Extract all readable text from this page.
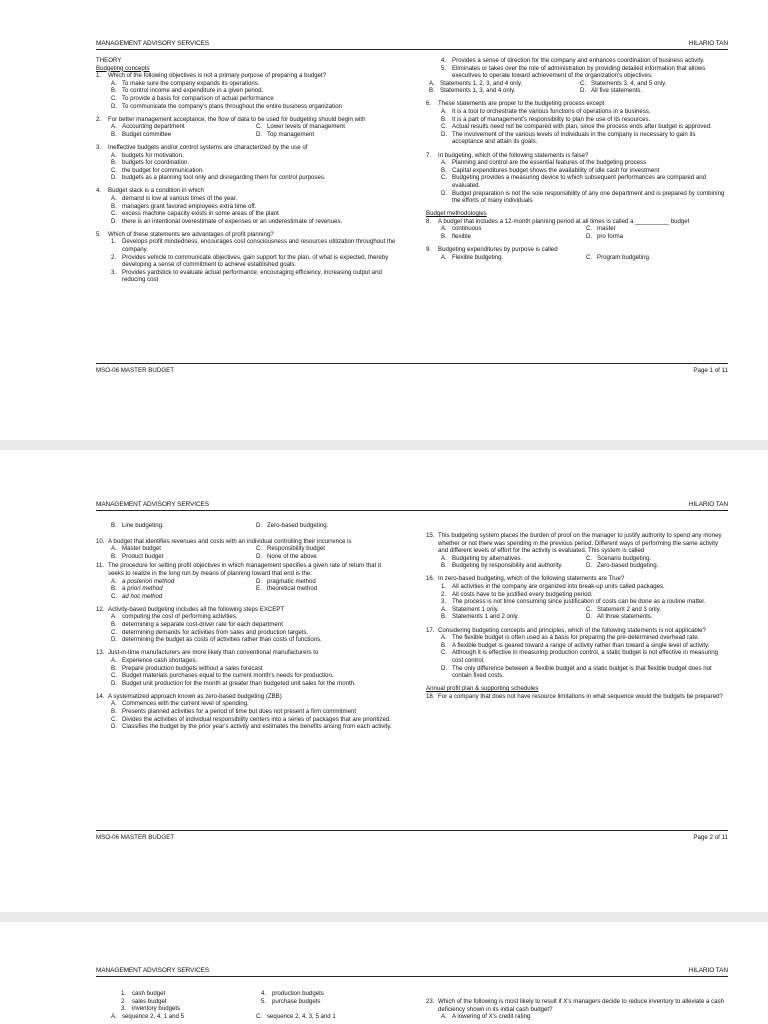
MANAGEMENT ADVISORY SERVICES	HILARIO TAN
THEORY
Budgeting concepts
1. Which of the following objectives is not a primary purpose of preparing a budget?
A. To make sure the company expands its operations.
B. To control income and expenditure in a given period.
C. To provide a basis for comparison of actual performance
D. To communicate the company's plans throughout the entire business organization
2. For better management acceptance, the flow of data to be used for budgeting should begin with
A. Accounting department	C. Lower levels of management
B. Budget committee	D. Top management
3. Ineffective budgets and/or control systems are characterized by the use of
A. budgets for motivation.
B. budgets for coordination.
C. the budget for communication.
D. budgets as a planning tool only and disregarding them for control purposes.
4. Budget slack is a condition in which
A. demand is low at various times of the year.
B. managers grant favored employees extra time off.
C. excess machine capacity exists in some areas of the plant
D. there is an intentional overestimate of expenses or an underestimate of revenues.
5. Which of these statements are advantages of profit planning?
1. Develops profit mindedness, encourages cost consciousness and resources utilization throughout the company.
2. Provides vehicle to communicate objectives, gain support for the plan, of what is expected, thereby developing a sense of commitment to achieve established goals.
3. Provides yardstick to evaluate actual performance; encouraging efficiency, increasing output and reducing cost
4. Provides a sense of direction for the company and enhances coordination of business activity.
5. Eliminates or takes over the role of administration by providing detailed information that allows executives to operate toward achievement of the organization's objectives.
A. Statements 1, 2, 3, and 4 only.	C. Statements 3, 4, and 5 only.
B. Statements 1, 3, and 4 only.	D. All five statements.
6. These statements are proper to the budgeting process except
A. It is a tool to orchestrate the various functions of operations in a business.
B. It is a part of management's responsibility to plan the use of its resources.
C. Actual results need not be compared with plan, since the process ends after budget is approved.
D. The involvement of the various levels of individuals in the company is necessary to gain its acceptance and attain its goals.
7. In budgeting, which of the following statements is false?
A. Planning and control are the essential features of the budgeting process
B. Capital expenditures budget shows the availability of idle cash for investment
C. Budgeting provides a measuring device to which subsequent performances are compared and evaluated.
D. Budget preparation is not the sole responsibility of any one department and is prepared by combining the efforts of many individuals
Budget methodologies
8. A budget that includes a 12-month planning period at all times is called a __________ budget
A. continuous	C. master
B. flexible	D. pro forma
9. Budgeting expenditures by purpose is called
A. Flexible budgeting.	C. Program budgeting.
MSO-06 MASTER BUDGET	Page 1 of 11
MANAGEMENT ADVISORY SERVICES	HILARIO TAN
B. Line budgeting.	D. Zero-based budgeting.
10. A budget that identifies revenues and costs with an individual controlling their incurrence is
A. Master budget	C. Responsibility budget
B. Product budget	D. None of the above
11. The procedure for setting profit objectives in which management specifies a given rate of return that it seeks to realize in the long run by means of planning toward that end is the:
A. a posteriori method	D. pragmatic method
B. a priori method	E. theoretical method
C. ad hoc method
12. Activity-based budgeting includes all the following steps EXCEPT
A. computing the cost of performing activities.
B. determining a separate cost-driver rate for each department
C. determining demands for activities from sales and production targets.
D. determining the budget as costs of activities rather than costs of functions.
13. Just-in-time manufacturers are more likely than conventional manufacturers to
A. Experience cash shortages.
B. Prepare production budgets without a sales forecast
C. Budget materials purchases equal to the current month's needs for production.
D. Budget unit production for the month at greater than budgeted unit sales for the month.
14. A systematized approach known as zero-based budgeting (ZBB)
A. Commences with the current level of spending.
B. Presents planned activities for a period of time but does not present a firm commitment
C. Divides the activities of individual responsibility centers into a series of packages that are prioritized.
D. Classifies the budget by the prior year's activity and estimates the benefits arising from each activity.
15. This budgeting system places the burden of proof on the manager to justify authority to spend any money whether or not there was spending in the previous period. Different ways of performing the same activity and different levels of effort for the activity is evaluated. This system is called
A. Budgeting by alternatives.	C. Scenario budgeting.
B. Budgeting by responsibility and authority.	D. Zero-based budgeting.
16. In zero-based budgeting, which of the following statements are True?
1. All activities in the company are organized into break-up units called packages.
2. All costs have to be justified every budgeting period.
3. The process is not time consuming since justification of costs can be done as a routine matter.
A. Statement 1 only.	C. Statement 2 and 3 only.
B. Statements 1 and 2 only.	D. All three statements.
17. Considering budgeting concepts and principles, which of the following statements is not applicable?
A. The flexible budget is often used as a basis for preparing the pre-determined overhead rate.
B. A flexible budget is geared toward a range of activity rather than toward a single level of activity.
C. Although it is effective in measuring production control, a static budget is not effective in measuring cost control.
D. The only difference between a flexible budget and a static budget is that flexible budget does not contain fixed costs.
Annual profit plan & supporting schedules
18. For a company that does not have resource limitations in what sequence would the budgets be prepared?
MSO-06 MASTER BUDGET	Page 2 of 11
MANAGEMENT ADVISORY SERVICES	HILARIO TAN
1. cash budget	4. production budgets
2. sales budget	5. purchase budgets
3. inventory budgets
A. sequence 2, 4, 1 and 5	C. sequence 2, 4, 3, 5 and 1
23. Which of the following is most likely to result if X's managers decide to reduce inventory to alleviate a cash deficiency shown in its initial cash budget?
A. A lowering of X's credit rating
